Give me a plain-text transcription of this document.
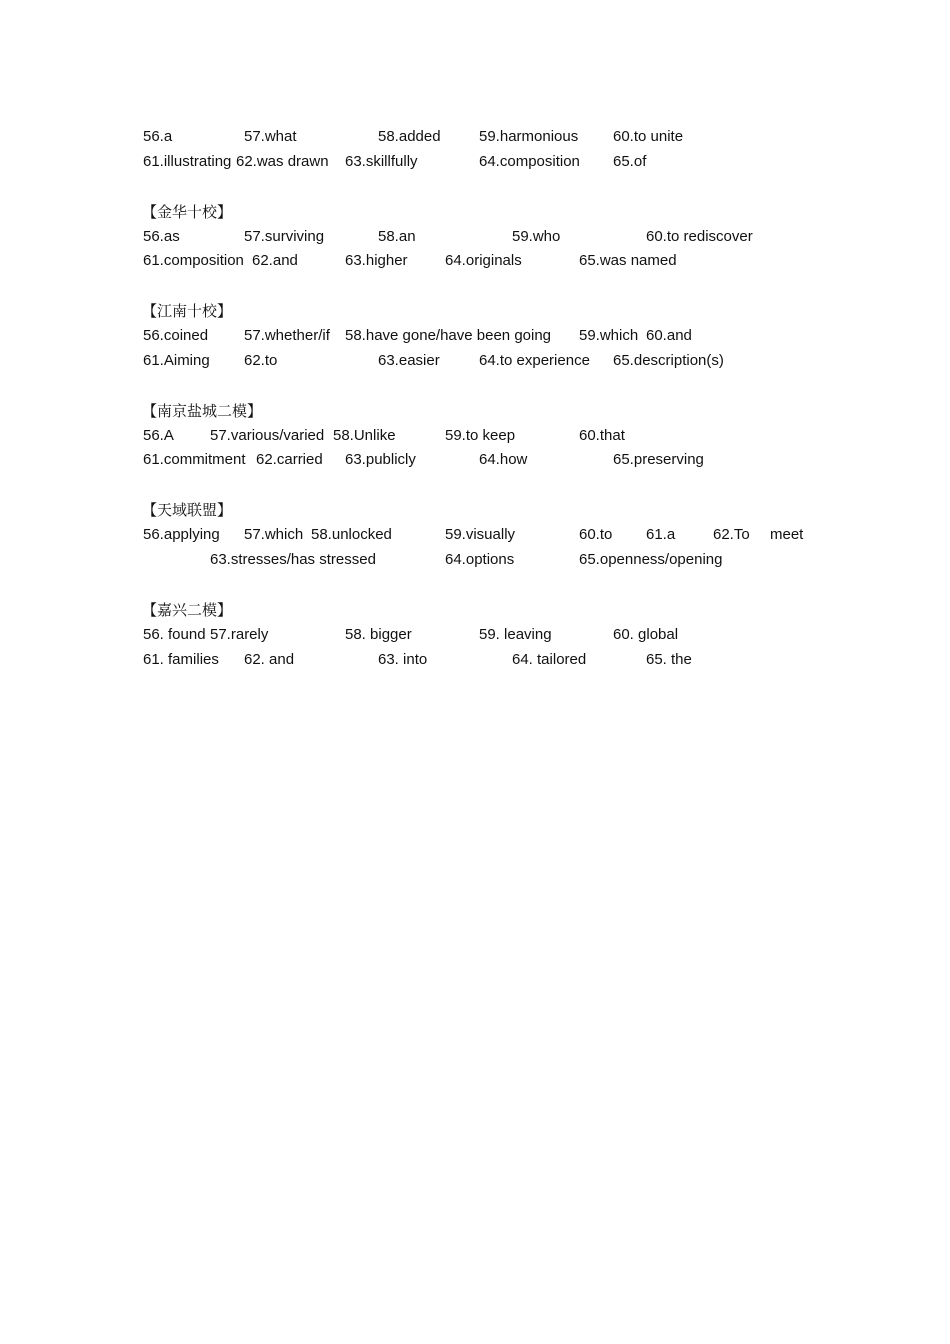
56.a	57.what	58.added	59.harmonious 60.to unite
61.illustrating 62.was drawn 63.skillfully	64.composition 65.of
【金华十校】
56.as	57.surviving	58.an	59.who	60.to rediscover
61.composition 62.and	63.higher 64.originals	65.was named
【江南十校】
56.coined 57.whether/if 58.have gone/have been going 59.which 60.and
61.Aiming 62.to	63.easier	64.to experience 65.description(s)
【南京盐城二模】
56.A 57.various/varied 58.Unlike	59.to keep	60.that
61.commitment 62.carried 63.publicly	64.how	65.preserving
【天域联盟】
56.applying 57.which 58.unlocked	59.visually	60.to 61.a	62.To meet
63.stresses/has stressed	64.options	65.openness/opening
【嘉兴二模】
56. found 57.rarely	58. bigger	59. leaving	60. global
61. families 62. and	63. into	64. tailored	65. the
